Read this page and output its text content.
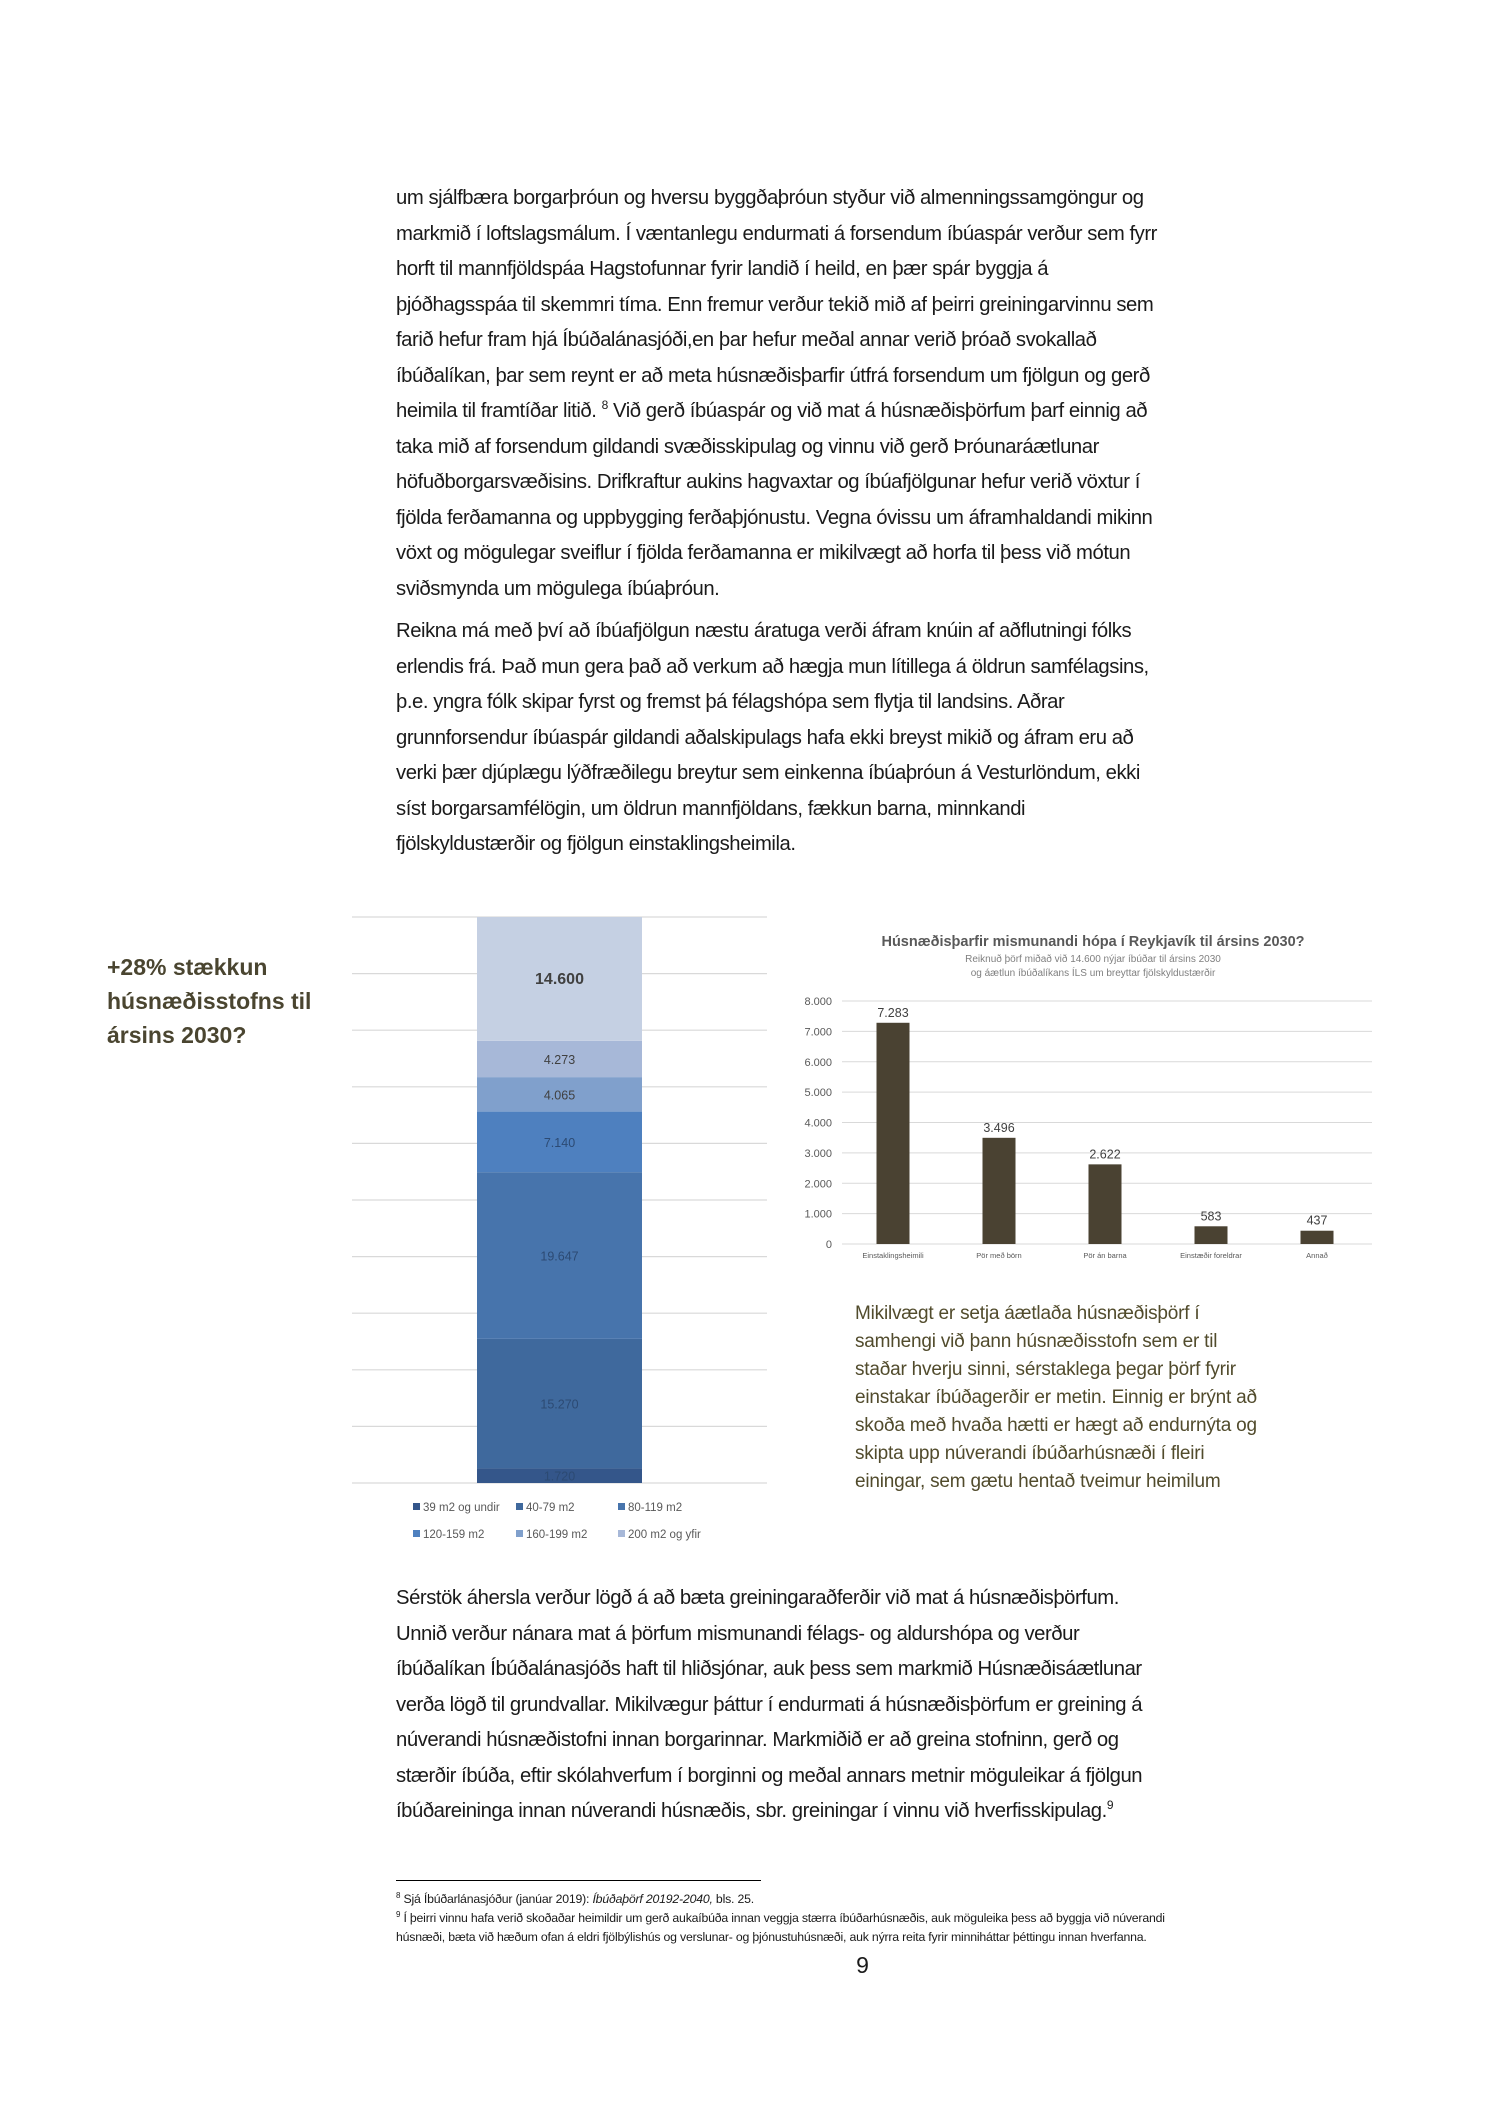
um sjálfbæra borgarþróun og hversu byggðaþróun styður við almenningssamgöngur og
markmið í loftslagsmálum. Í væntanlegu endurmati á forsendum íbúaspár verður sem fyrr
horft til mannfjöldspáa Hagstofunnar fyrir landið í heild, en þær spár byggja á
þjóðhagsspáa til skemmri tíma. Enn fremur verður tekið mið af þeirri greiningarvinnu sem
farið hefur fram hjá Íbúðalánasjóði,en þar hefur meðal annar verið þróað svokallað
íbúðalíkan, þar sem reynt er að meta húsnæðisþarfir útfrá forsendum um fjölgun og gerð
heimila til framtíðar litið. $^8$ Við gerð íbúaspár og við mat á húsnæðisþörfum þarf einnig að
taka mið af forsendum gildandi svæðisskipulag og vinnu við gerð Þróunaráætlunar
höfuðborgarsvæðisins. Drifkraftur aukins hagvaxtar og íbúafjölgunar hefur verið vöxtur í
fjölda ferðamanna og uppbygging ferðaþjónustu. Vegna óvissu um áframhaldandi mikinn
vöxt og mögulegar sveiflur í fjölda ferðamanna er mikilvægt að horfa til þess við mótun
sviðsmynda um mögulega íbúaþróun.
Reikna má með því að íbúafjölgun næstu áratuga verði áfram knúin af aðflutningi fólks
erlendis frá. Það mun gera það að verkum að hægja mun lítillega á öldrun samfélagsins,
þ.e. yngra fólk skipar fyrst og fremst þá félagshópa sem flytja til landsins. Aðrar
grunnforsendur íbúaspár gildandi aðalskipulags hafa ekki breyst mikið og áfram eru að
verki þær djúplægu lýðfræðilegu breytur sem einkenna íbúaþróun á Vesturlöndum, ekki
síst borgarsamfélögin, um öldrun mannfjöldans, fækkun barna, minnkandi
fjölskyldustærðir og fjölgun einstaklingsheimila.
+28% stækkun
húsnæðisstofns til
ársins 2030?
1.720
15.270
19.647
7.140
4.065
4.273
14.600
39 m2 og undir 40-79 m2	80-119 m2
120-159 m2	160-199 m2	200 m2 og yfir
Mikilvægt er setja áætlaða húsnæðisþörf í
samhengi við þann húsnæðisstofn sem er til
staðar hverju sinni, sérstaklega þegar þörf fyrir
einstakar íbúðagerðir er metin. Einnig er brýnt að
skoða með hvaða hætti er hægt að endurnýta og
skipta upp núverandi íbúðarhúsnæði í fleiri
einingar, sem gætu hentað tveimur heimilum
Sérstök áhersla verður lögð á að bæta greiningaraðferðir við mat á húsnæðisþörfum.
Unnið verður nánara mat á þörfum mismunandi félags- og aldurshópa og verður
íbúðalíkan Íbúðalánasjóðs haft til hliðsjónar, auk þess sem markmið Húsnæðisáætlunar
verða lögð til grundvallar. Mikilvægur þáttur í endurmati á húsnæðisþörfum er greining á
núverandi húsnæðistofni innan borgarinnar. Markmiðið er að greina stofninn, gerð og
stærðir íbúða, eftir skólahverfum í borginni og meðal annars metnir möguleikar á fjölgun
íbúðareininga innan núverandi húsnæðis, sbr. greiningar í vinnu við hverfisskipulag.$^9$
$^8$ Sjá Íbúðarlánasjóður (janúar 2019): Íbúðaþörf 20192-2040, bls. 25.
$^9$ Í þeirri vinnu hafa verið skoðaðar heimildir um gerð aukaíbúða innan veggja stærra íbúðarhúsnæðis, auk möguleika þess að byggja við núverandi
húsnæði, bæta við hæðum ofan á eldri fjölbýlishús og verslunar- og þjónustuhúsnæði, auk nýrra reita fyrir minniháttar þéttingu innan hverfanna.
9
Húsnæðisþarfir mismunandi hópa í Reykjavík til ársins 2030?
Reiknuð þörf miðað við 14.600 nýjar íbúðar til ársins 2030
og áætlun íbúðalíkans ÍLS um breyttar fjölskyldustærðir
0
1.000
2.000
3.000
4.000
5.000
6.000
7.000
8.000
7.283
Einstaklingsheimili
3.496
Pör með börn
2.622
Pör án barna
583
Einstæðir foreldrar
437
Annað
